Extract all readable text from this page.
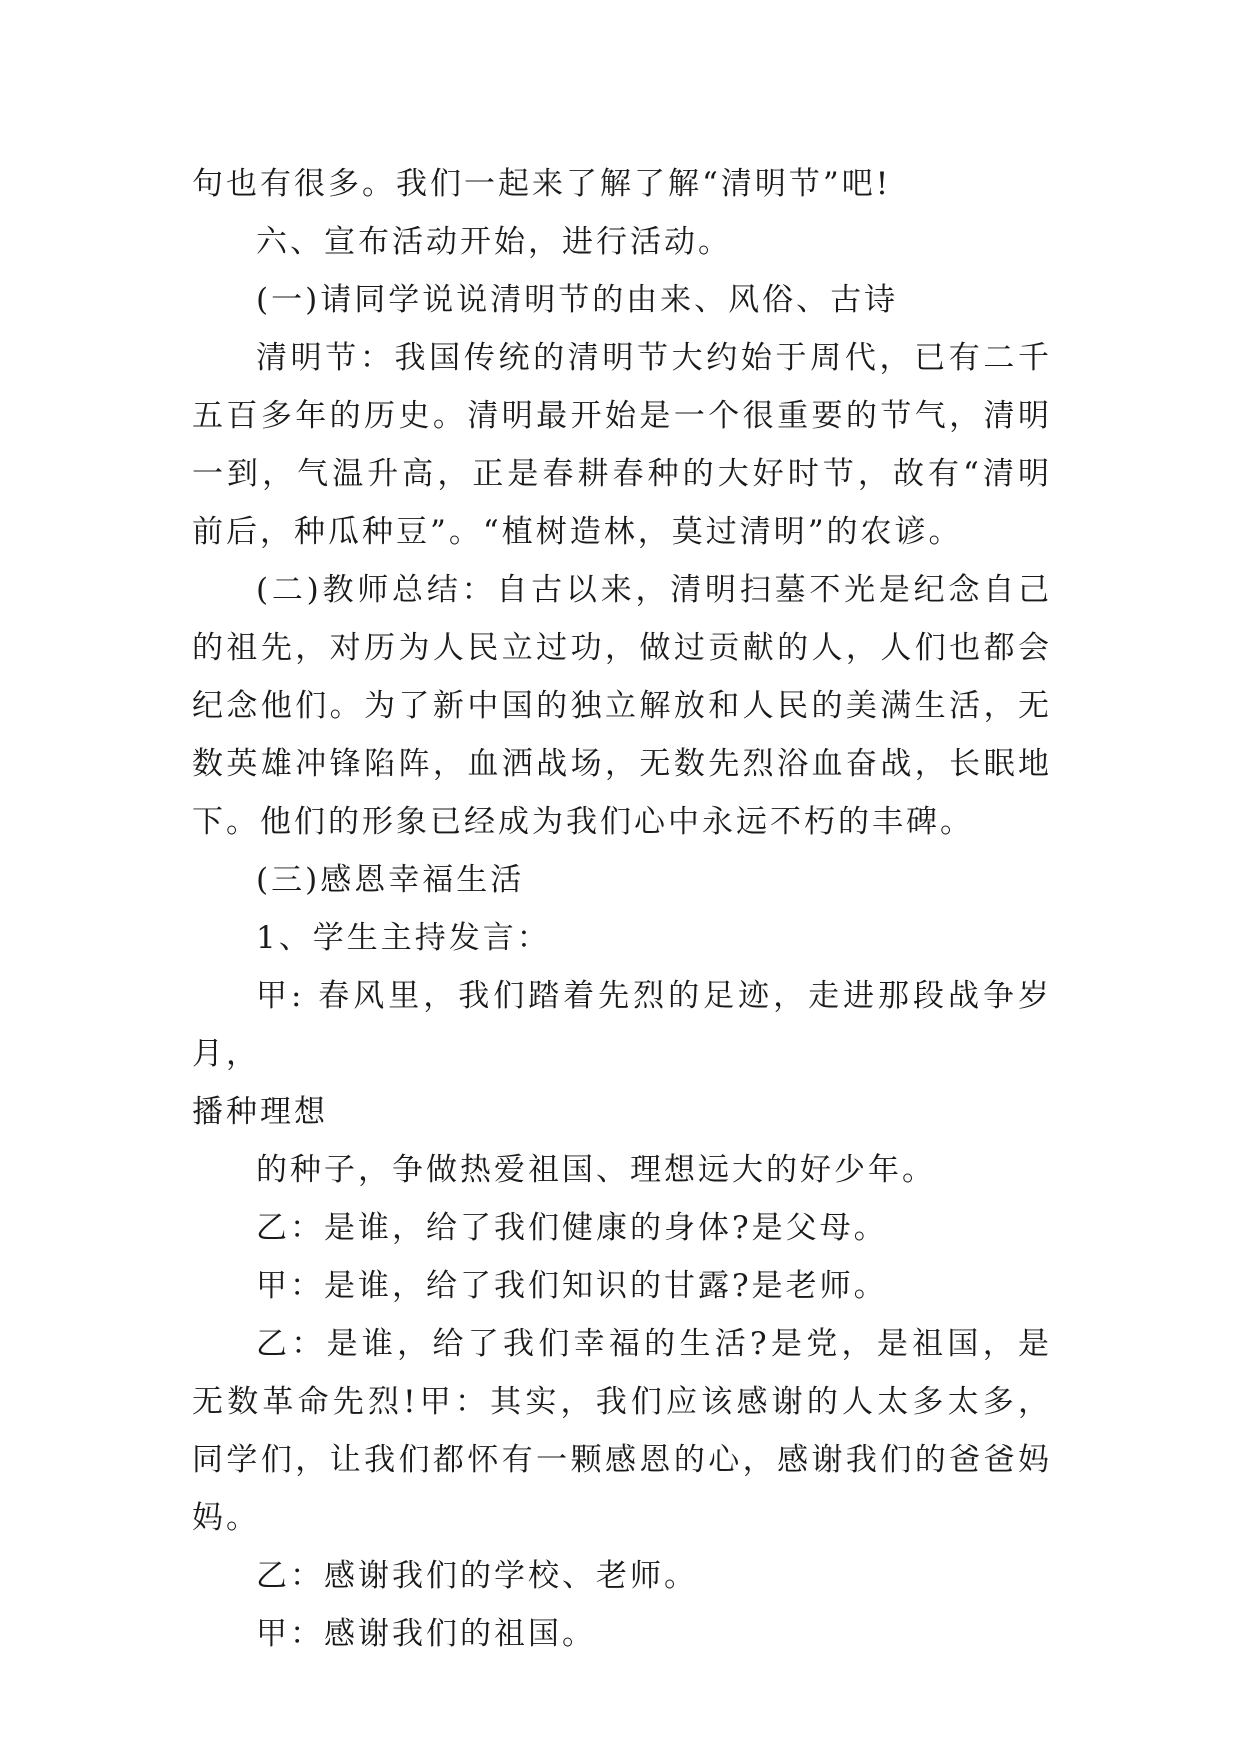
句也有很多。我们一起来了解了解“清明节”吧!

六、宣布活动开始，进行活动。

(一)请同学说说清明节的由来、风俗、古诗

清明节：我国传统的清明节大约始于周代，已有二千五百多年的历史。清明最开始是一个很重要的节气，清明一到，气温升高，正是春耕春种的大好时节，故有“清明前后，种瓜种豆”。“植树造林，莫过清明”的农谚。

(二)教师总结：自古以来，清明扫墓不光是纪念自己的祖先，对历为人民立过功，做过贡献的人，人们也都会纪念他们。为了新中国的独立解放和人民的美满生活，无数英雄冲锋陷阵，血洒战场，无数先烈浴血奋战，长眠地下。他们的形象已经成为我们心中永远不朽的丰碑。

(三)感恩幸福生活

1、学生主持发言：

甲: 春风里，我们踏着先烈的足迹，走进那段战争岁月，

播种理想

的种子，争做热爱祖国、理想远大的好少年。

乙：是谁，给了我们健康的身体?是父母。

甲：是谁，给了我们知识的甘露?是老师。

乙：是谁，给了我们幸福的生活?是党，是祖国，是无数革命先烈!甲：其实，我们应该感谢的人太多太多，同学们，让我们都怀有一颗感恩的心，感谢我们的爸爸妈妈。

乙：感谢我们的学校、老师。

甲：感谢我们的祖国。
